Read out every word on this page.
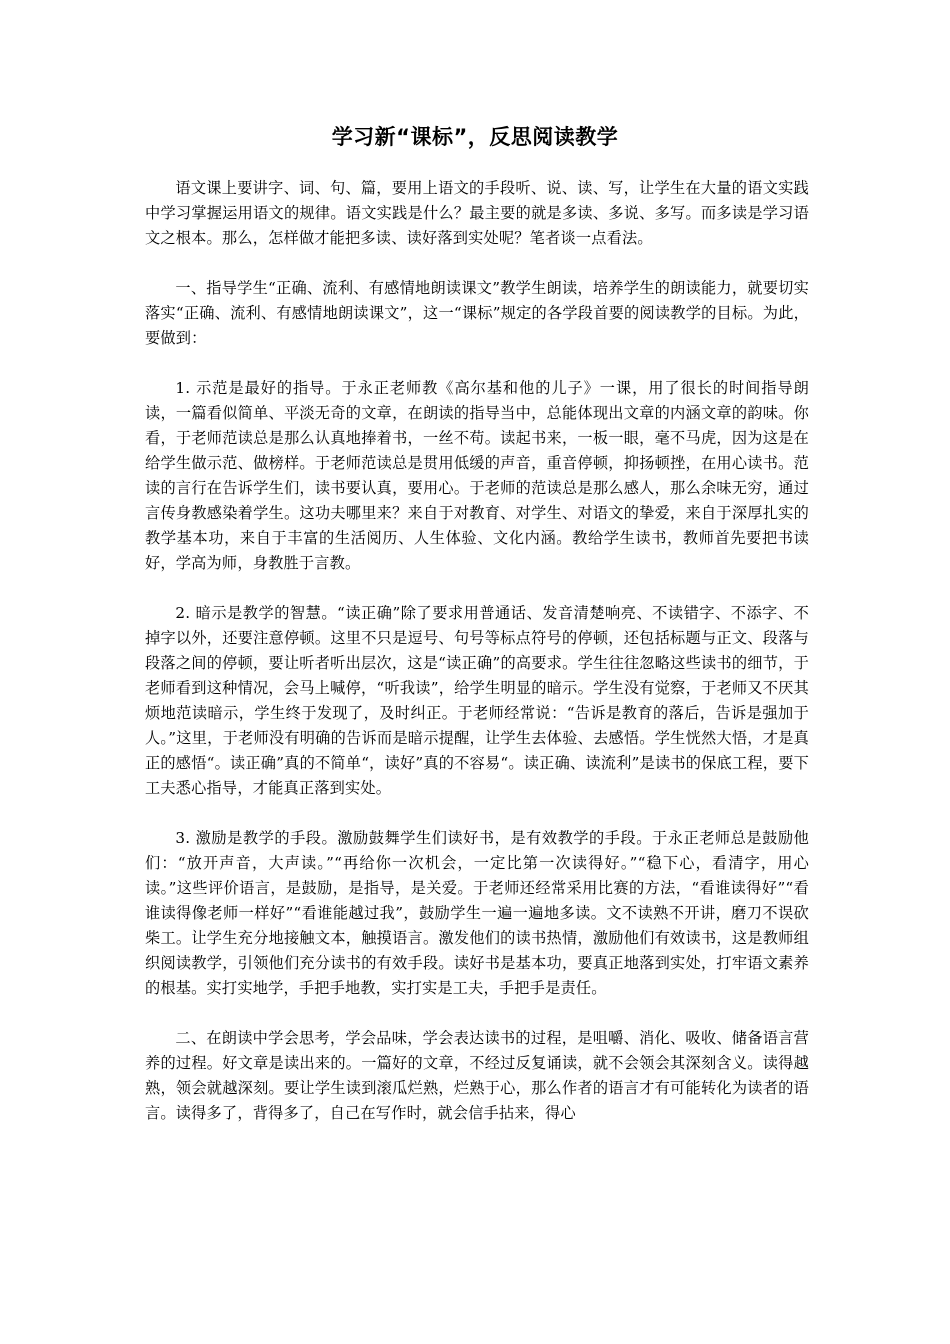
学习新“课标”，反思阅读教学

语文课上要讲字、词、句、篇，要用上语文的手段听、说、读、写，让学生在大量的语文实践中学习掌握运用语文的规律。语文实践是什么？最主要的就是多读、多说、多写。而多读是学习语文之根本。那么，怎样做才能把多读、读好落到实处呢？笔者谈一点看法。

一、指导学生“正确、流利、有感情地朗读课文”教学生朗读，培养学生的朗读能力，就要切实落实“正确、流利、有感情地朗读课文”，这一“课标”规定的各学段首要的阅读教学的目标。为此，要做到：

1. 示范是最好的指导。于永正老师教《高尔基和他的儿子》一课，用了很长的时间指导朗读，一篇看似简单、平淡无奇的文章，在朗读的指导当中，总能体现出文章的内涵文章的韵味。你看，于老师范读总是那么认真地捧着书，一丝不苟。读起书来，一板一眼，毫不马虎，因为这是在给学生做示范、做榜样。于老师范读总是贯用低缓的声音，重音停顿，抑扬顿挫，在用心读书。范读的言行在告诉学生们，读书要认真，要用心。于老师的范读总是那么感人，那么余味无穷，通过言传身教感染着学生。这功夫哪里来？来自于对教育、对学生、对语文的挚爱，来自于深厚扎实的教学基本功，来自于丰富的生活阅历、人生体验、文化内涵。教给学生读书，教师首先要把书读好，学高为师，身教胜于言教。

2. 暗示是教学的智慧。“读正确”除了要求用普通话、发音清楚响亮、不读错字、不添字、不掉字以外，还要注意停顿。这里不只是逗号、句号等标点符号的停顿，还包括标题与正文、段落与段落之间的停顿，要让听者听出层次，这是“读正确”的高要求。学生往往忽略这些读书的细节，于老师看到这种情况，会马上喊停，“听我读”，给学生明显的暗示。学生没有觉察，于老师又不厌其烦地范读暗示，学生终于发现了，及时纠正。于老师经常说：“告诉是教育的落后，告诉是强加于人。”这里，于老师没有明确的告诉而是暗示提醒，让学生去体验、去感悟。学生恍然大悟，才是真正的感悟“。读正确”真的不简单“，读好”真的不容易“。读正确、读流利”是读书的保底工程，要下工夫悉心指导，才能真正落到实处。

3. 激励是教学的手段。激励鼓舞学生们读好书，是有效教学的手段。于永正老师总是鼓励他们：“放开声音，大声读。”“再给你一次机会，一定比第一次读得好。”“稳下心，看清字，用心读。”这些评价语言，是鼓励，是指导，是关爱。于老师还经常采用比赛的方法，“看谁读得好”“看谁读得像老师一样好”“看谁能越过我”，鼓励学生一遍一遍地多读。文不读熟不开讲，磨刀不误砍柴工。让学生充分地接触文本，触摸语言。激发他们的读书热情，激励他们有效读书，这是教师组织阅读教学，引领他们充分读书的有效手段。读好书是基本功，要真正地落到实处，打牢语文素养的根基。实打实地学，手把手地教，实打实是工夫，手把手是责任。

二、在朗读中学会思考，学会品味，学会表达读书的过程，是咀嚼、消化、吸收、储备语言营养的过程。好文章是读出来的。一篇好的文章，不经过反复诵读，就不会领会其深刻含义。读得越熟，领会就越深刻。要让学生读到滚瓜烂熟，烂熟于心，那么作者的语言才有可能转化为读者的语言。读得多了，背得多了，自己在写作时，就会信手拈来，得心
